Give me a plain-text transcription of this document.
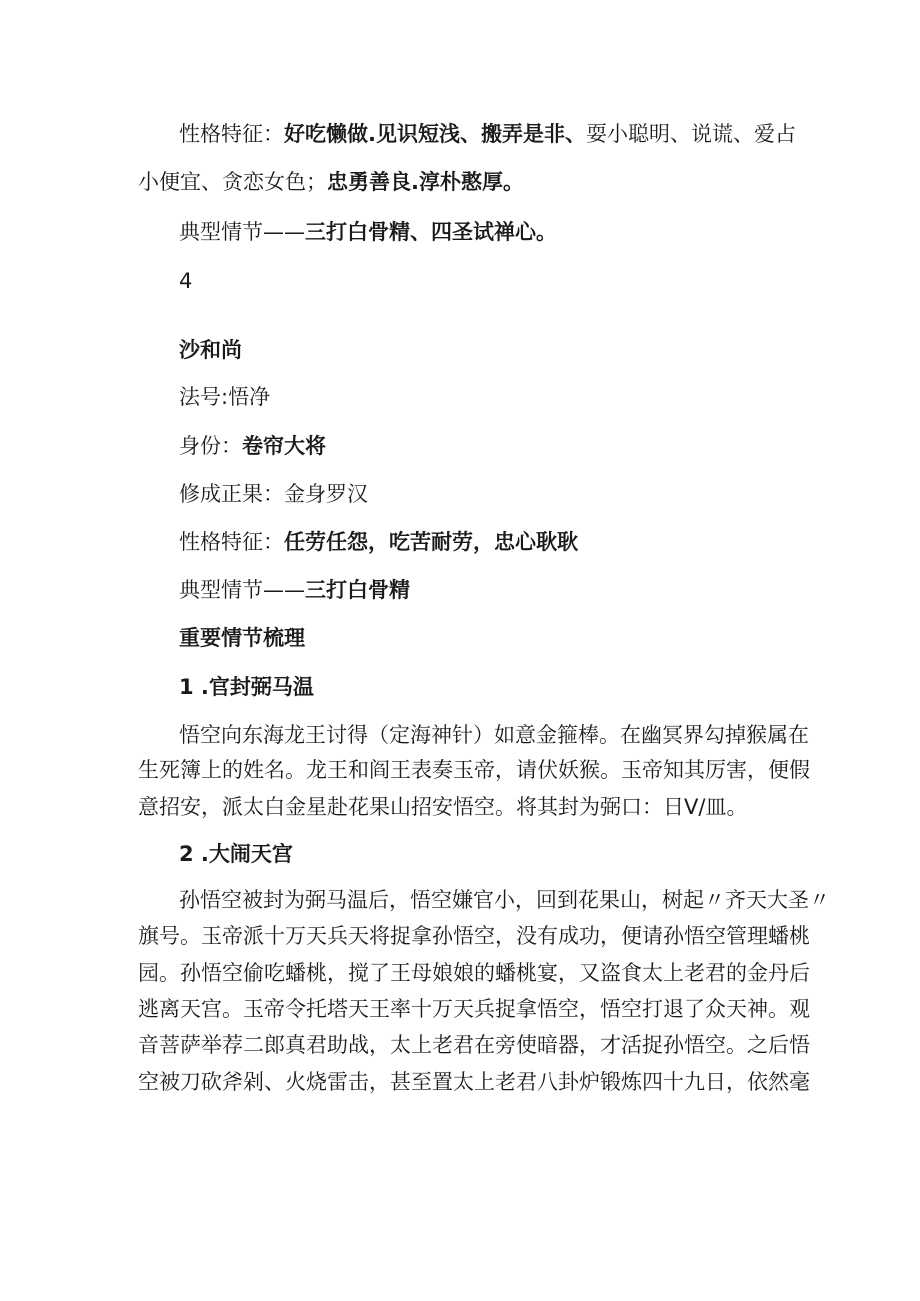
性格特征：好吃懒做.见识短浅、搬弄是非、耍小聪明、说谎、爱占
小便宜、贪恋女色；忠勇善良.淳朴憨厚。
典型情节——三打白骨精、四圣试禅心。
4
沙和尚
法号:悟净
身份：卷帘大将
修成正果：金身罗汉
性格特征：任劳任怨，吃苦耐劳，忠心耿耿
典型情节——三打白骨精
重要情节梳理
1 .官封弼马温
悟空向东海龙王讨得（定海神针）如意金箍棒。在幽冥界勾掉猴属在
生死簿上的姓名。龙王和阎王表奏玉帝，请伏妖猴。玉帝知其厉害，便假
意招安，派太白金星赴花果山招安悟空。将其封为弼口：日V/皿。
2 .大闹天宫
孙悟空被封为弼马温后，悟空嫌官小，回到花果山，树起〃齐天大圣〃
旗号。玉帝派十万天兵天将捉拿孙悟空，没有成功，便请孙悟空管理蟠桃
园。孙悟空偷吃蟠桃，搅了王母娘娘的蟠桃宴，又盗食太上老君的金丹后
逃离天宫。玉帝令托塔天王率十万天兵捉拿悟空，悟空打退了众天神。观
音菩萨举荐二郎真君助战，太上老君在旁使暗器，才活捉孙悟空。之后悟
空被刀砍斧剁、火烧雷击，甚至置太上老君八卦炉锻炼四十九日，依然毫
